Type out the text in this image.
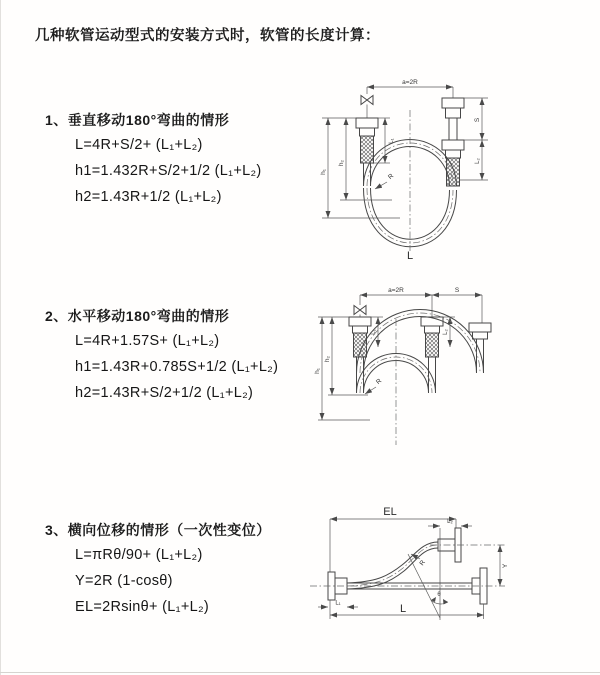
几种软管运动型式的安装方式时，软管的长度计算：
1、垂直移动180°弯曲的情形
L=4R+S/2+ (L₁+L₂)
h1=1.432R+S/2+1/2 (L₁+L₂)
h2=1.43R+1/2 (L₁+L₂)
2、水平移动180°弯曲的情形
L=4R+1.57S+ (L₁+L₂)
h1=1.43R+0.785S+1/2 (L₁+L₂)
h2=1.43R+S/2+1/2 (L₁+L₂)
3、横向位移的情形（一次性变位）
L=πRθ/90+ (L₁+L₂)
Y=2R (1-cosθ)
EL=2Rsinθ+ (L₁+L₂)
a=2R
h₁
h₂
L₁
S
L₂
R
L
a=2R	S
L₁	L₂
h₁
h₂
R
EL
L₂
Y
R
θ
L
L₁
